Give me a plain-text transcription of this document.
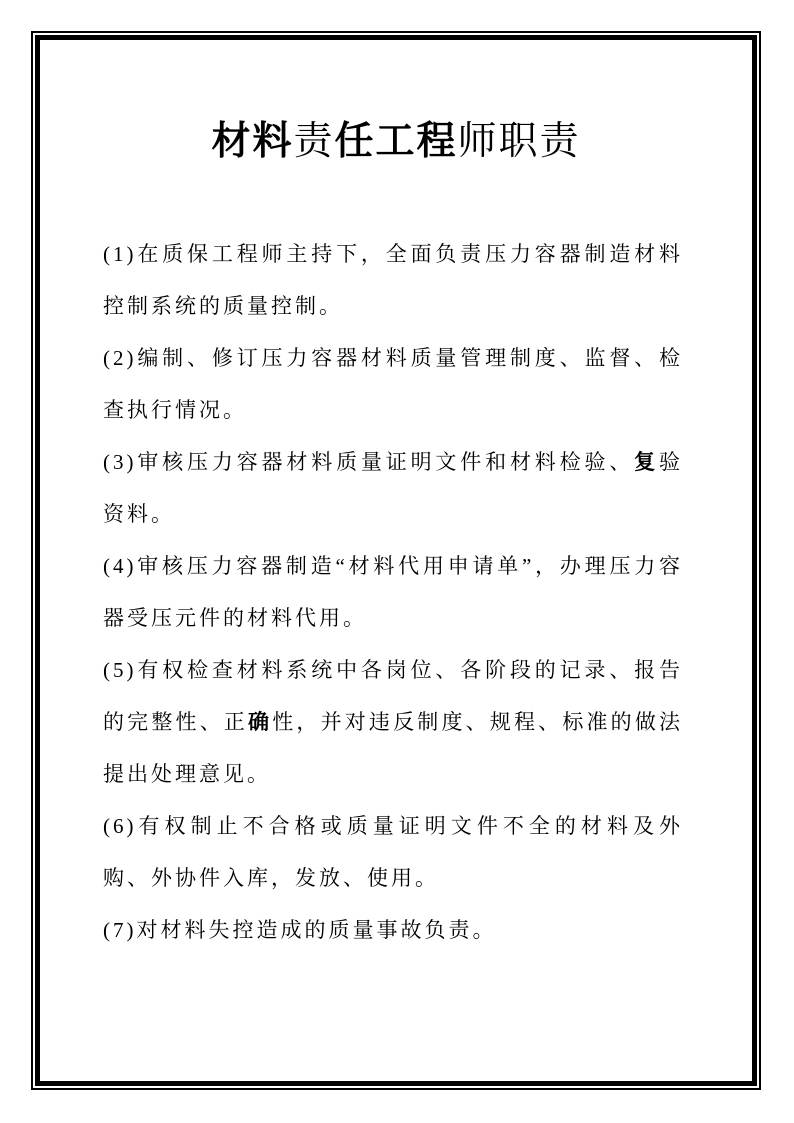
材料责任工程师职责

(1)在质保工程师主持下，全面负责压力容器制造材料控制系统的质量控制。

(2)编制、修订压力容器材料质量管理制度、监督、检查执行情况。

(3)审核压力容器材料质量证明文件和材料检验、复验资料。

(4)审核压力容器制造“材料代用申请单”，办理压力容器受压元件的材料代用。

(5)有权检查材料系统中各岗位、各阶段的记录、报告的完整性、正确性，并对违反制度、规程、标准的做法提出处理意见。

(6)有权制止不合格或质量证明文件不全的材料及外购、外协件入库，发放、使用。

(7)对材料失控造成的质量事故负责。
